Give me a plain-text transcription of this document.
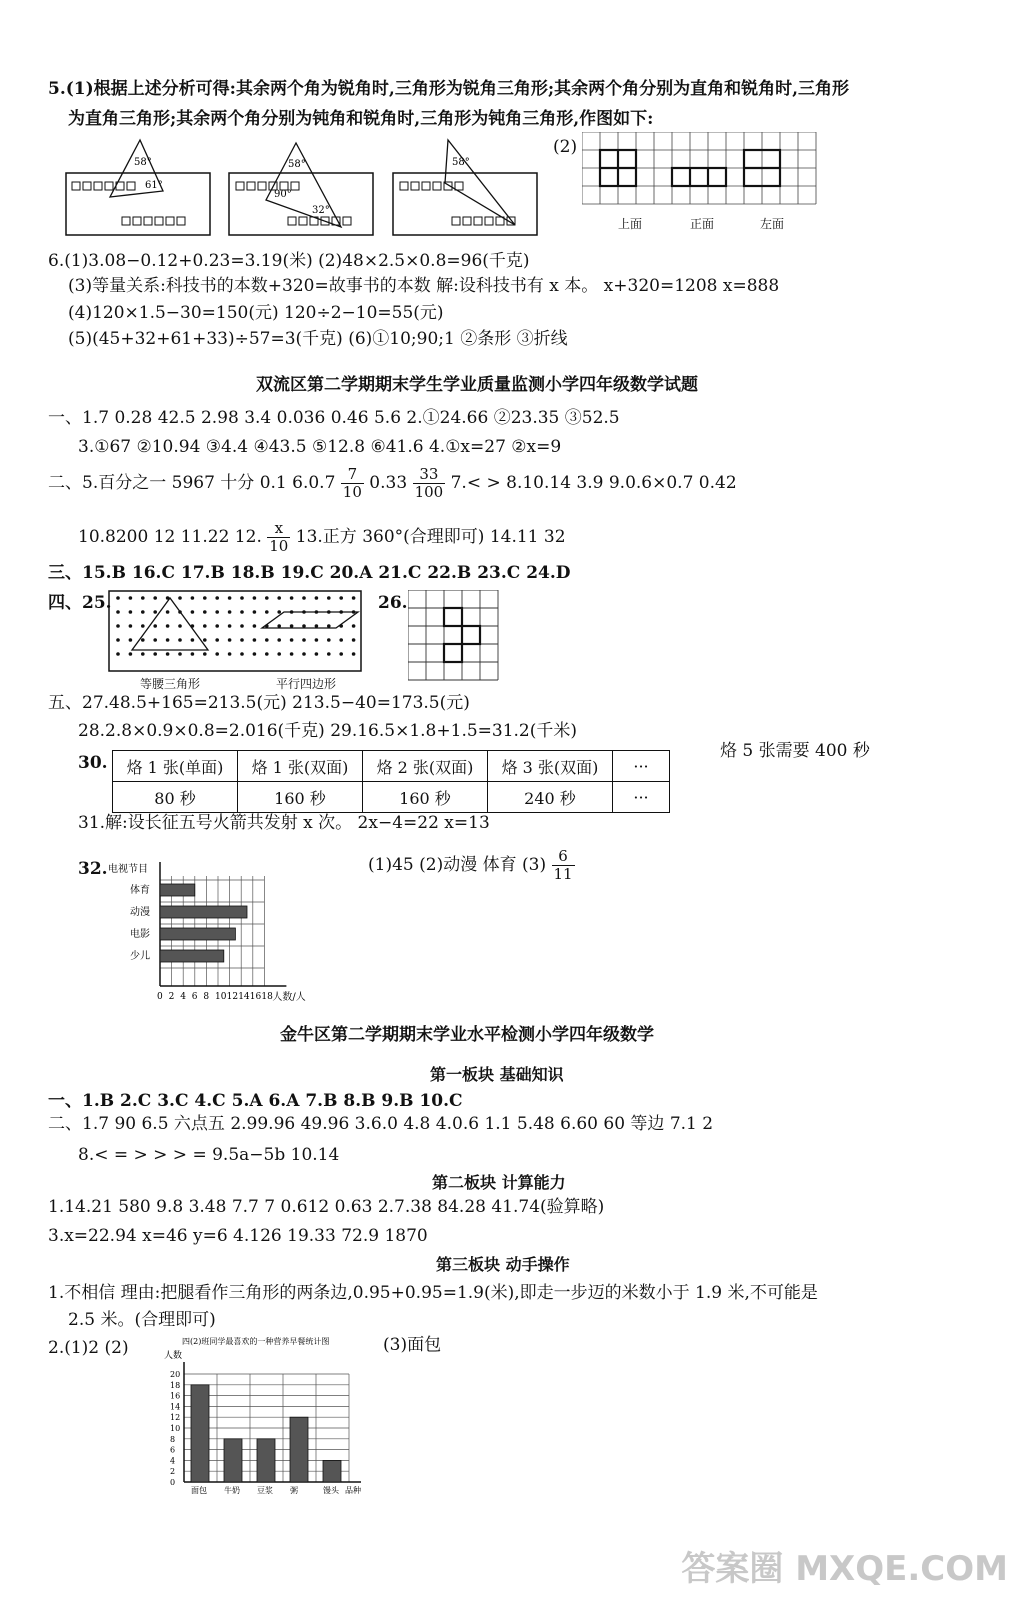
5.(1)根据上述分析可得:其余两个角为锐角时,三角形为锐角三角形;其余两个角分别为直角和锐角时,三角形
为直角三角形;其余两个角分别为钝角和锐角时,三角形为钝角三角形,作图如下:
58°
61°
58°
90°
32°
58°
(2)
上面	正面	左面
6.(1)3.08−0.12+0.23=3.19(米) (2)48×2.5×0.8=96(千克)
(3)等量关系:科技书的本数+320=故事书的本数 解:设科技书有 x 本。 x+320=1208 x=888
(4)120×1.5−30=150(元) 120÷2−10=55(元)
(5)(45+32+61+33)÷57=3(千克) (6)①10;90;1 ②条形 ③折线
双流区第二学期期末学生学业质量监测小学四年级数学试题
一、1.7 0.28 42.5 2.98 3.4 0.036 0.46 5.6 2.①24.66 ②23.35 ③52.5
3.①67 ②10.94 ③4.4 ④43.5 ⑤12.8 ⑥41.6 4.①x=27 ②x=9
二、5.百分之一 5967 十分 0.1 $6.0.7 \frac{7}{10} 0.33 \frac{33}{100} 7.< > 8.10.14$ 3.9 9.0.6×0.7 0.42
10.8200 12 11.22 12. $\frac{x}{10} 13$.正方 360°(合理即可) 14.11 32
三、15.B 16.C 17.B 18.B 19.C 20.A 21.C 22.B 23.C 24.D
四、25.
等腰三角形	平行四边形
26.
五、27.48.5+165=213.5(元) 213.5−40=173.5(元)
28.2.8×0.9×0.8=2.016(千克) 29.16.5×1.8+1.5=31.2(千米)
30. 烙 1 张(单面)	烙 1 张(双面)	烙 2 张(双面)	烙 3 张(双面)	···
80 秒	160 秒	160 秒	240 秒	···
烙 5 张需要 400 秒
31.解:设长征五号火箭共发射 x 次。 2x−4=22 x=13
32.	(1)45 (2)动漫 体育 $(3) \frac{6}{11}$
电视节目
人数/人
体育
动漫
电影
少儿
0 2 4 6 8 10 12 14 16 18
金牛区第二学期期末学业水平检测小学四年级数学
第一板块 基础知识
一、1.B 2.C 3.C 4.C 5.A 6.A 7.B 8.B 9.B 10.C
二、1.7 90 6.5 六点五 2.99.96 49.96 3.6.0 4.8 4.0.6 1.1 5.48 6.60 60 等边 7.1 2
8.< = > > > = 9.5a−5b 10.14
第二板块 计算能力
1.14.21 580 9.8 3.48 7.7 7 0.612 0.63 2.7.38 84.28 41.74(验算略)
3.x=22.94 x=46 y=6 4.126 19.33 72.9 1870
第三板块 动手操作
1.不相信 理由:把腿看作三角形的两条边,0.95+0.95=1.9(米),即走一步迈的米数小于 1.9 米,不可能是
2.5 米。(合理即可)
2.(1)2 (2)	(3)面包
四(2)班同学最喜欢的一种营养早餐统计图
人数
0
2
4
6
8
10
12
14
16
18
20
面包 牛奶 豆浆 粥	馒头 品种
答案圈 MXQE.COM
